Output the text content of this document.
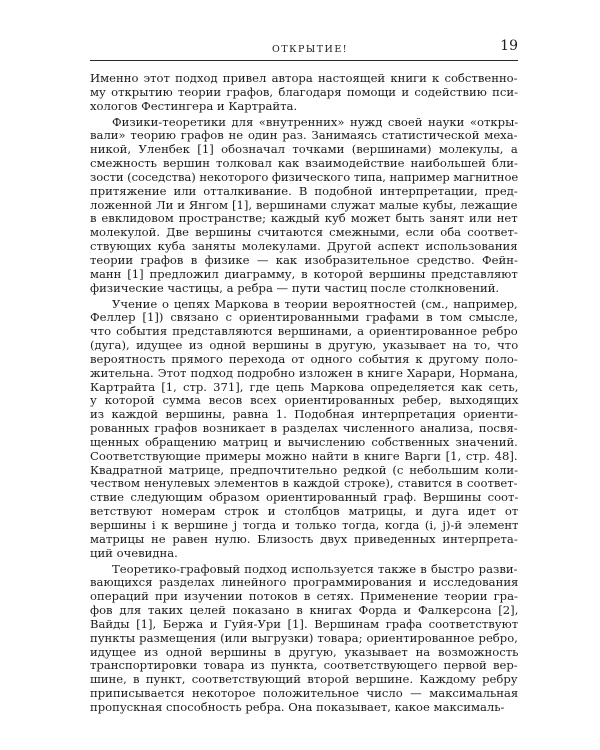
ОТКРЫТИЕ!	19
Именно этот подход привел автора настоящей книги к собственно-
му открытию теории графов, благодаря помощи и содействию пси-
хологов Фестингера и Картрайта.
Физики-теоретики для «внутренних» нужд своей науки «откры-
вали» теорию графов не один раз. Занимаясь статистической меха-
никой, Уленбек [1] обозначал точками (вершинами) молекулы, а
смежность вершин толковал как взаимодействие наибольшей бли-
зости (соседства) некоторого физического типа, например магнитное
притяжение или отталкивание. В подобной интерпретации, пред-
ложенной Ли и Янгом [1], вершинами служат малые кубы, лежащие
в евклидовом пространстве; каждый куб может быть занят или нет
молекулой. Две вершины считаются смежными, если оба соответ-
ствующих куба заняты молекулами. Другой аспект использования
теории графов в физике — как изобразительное средство. Фейн-
манн [1] предложил диаграмму, в которой вершины представляют
физические частицы, а ребра — пути частиц после столкновений.
Учение о цепях Маркова в теории вероятностей (см., например,
Феллер [1]) связано с ориентированными графами в том смысле,
что события представляются вершинами, а ориентированное ребро
(дуга), идущее из одной вершины в другую, указывает на то, что
вероятность прямого перехода от одного события к другому поло-
жительна. Этот подход подробно изложен в книге Харари, Нормана,
Картрайта [1, стр. 371], где цепь Маркова определяется как сеть,
у которой сумма весов всех ориентированных ребер, выходящих
из каждой вершины, равна 1. Подобная интерпретация ориенти-
рованных графов возникает в разделах численного анализа, посвя-
щенных обращению матриц и вычислению собственных значений.
Соответствующие примеры можно найти в книге Варги [1, стр. 48].
Квадратной матрице, предпочтительно редкой (с небольшим коли-
чеством ненулевых элементов в каждой строке), ставится в соответ-
ствие следующим образом ориентированный граф. Вершины соот-
ветствуют номерам строк и столбцов матрицы, и дуга идет от
вершины i к вершине j тогда и только тогда, когда (i, j)-й элемент
матрицы не равен нулю. Близость двух приведенных интерпрета-
ций очевидна.
Теоретико-графовый подход используется также в быстро разви-
вающихся разделах линейного программирования и исследования
операций при изучении потоков в сетях. Применение теории гра-
фов для таких целей показано в книгах Форда и Фалкерсона [2],
Вайды [1], Бержа и Гуйя-Ури [1]. Вершинам графа соответствуют
пункты размещения (или выгрузки) товара; ориентированное ребро,
идущее из одной вершины в другую, указывает на возможность
транспортировки товара из пункта, соответствующего первой вер-
шине, в пункт, соответствующий второй вершине. Каждому ребру
приписывается некоторое положительное число — максимальная
пропускная способность ребра. Она показывает, какое максималь-
